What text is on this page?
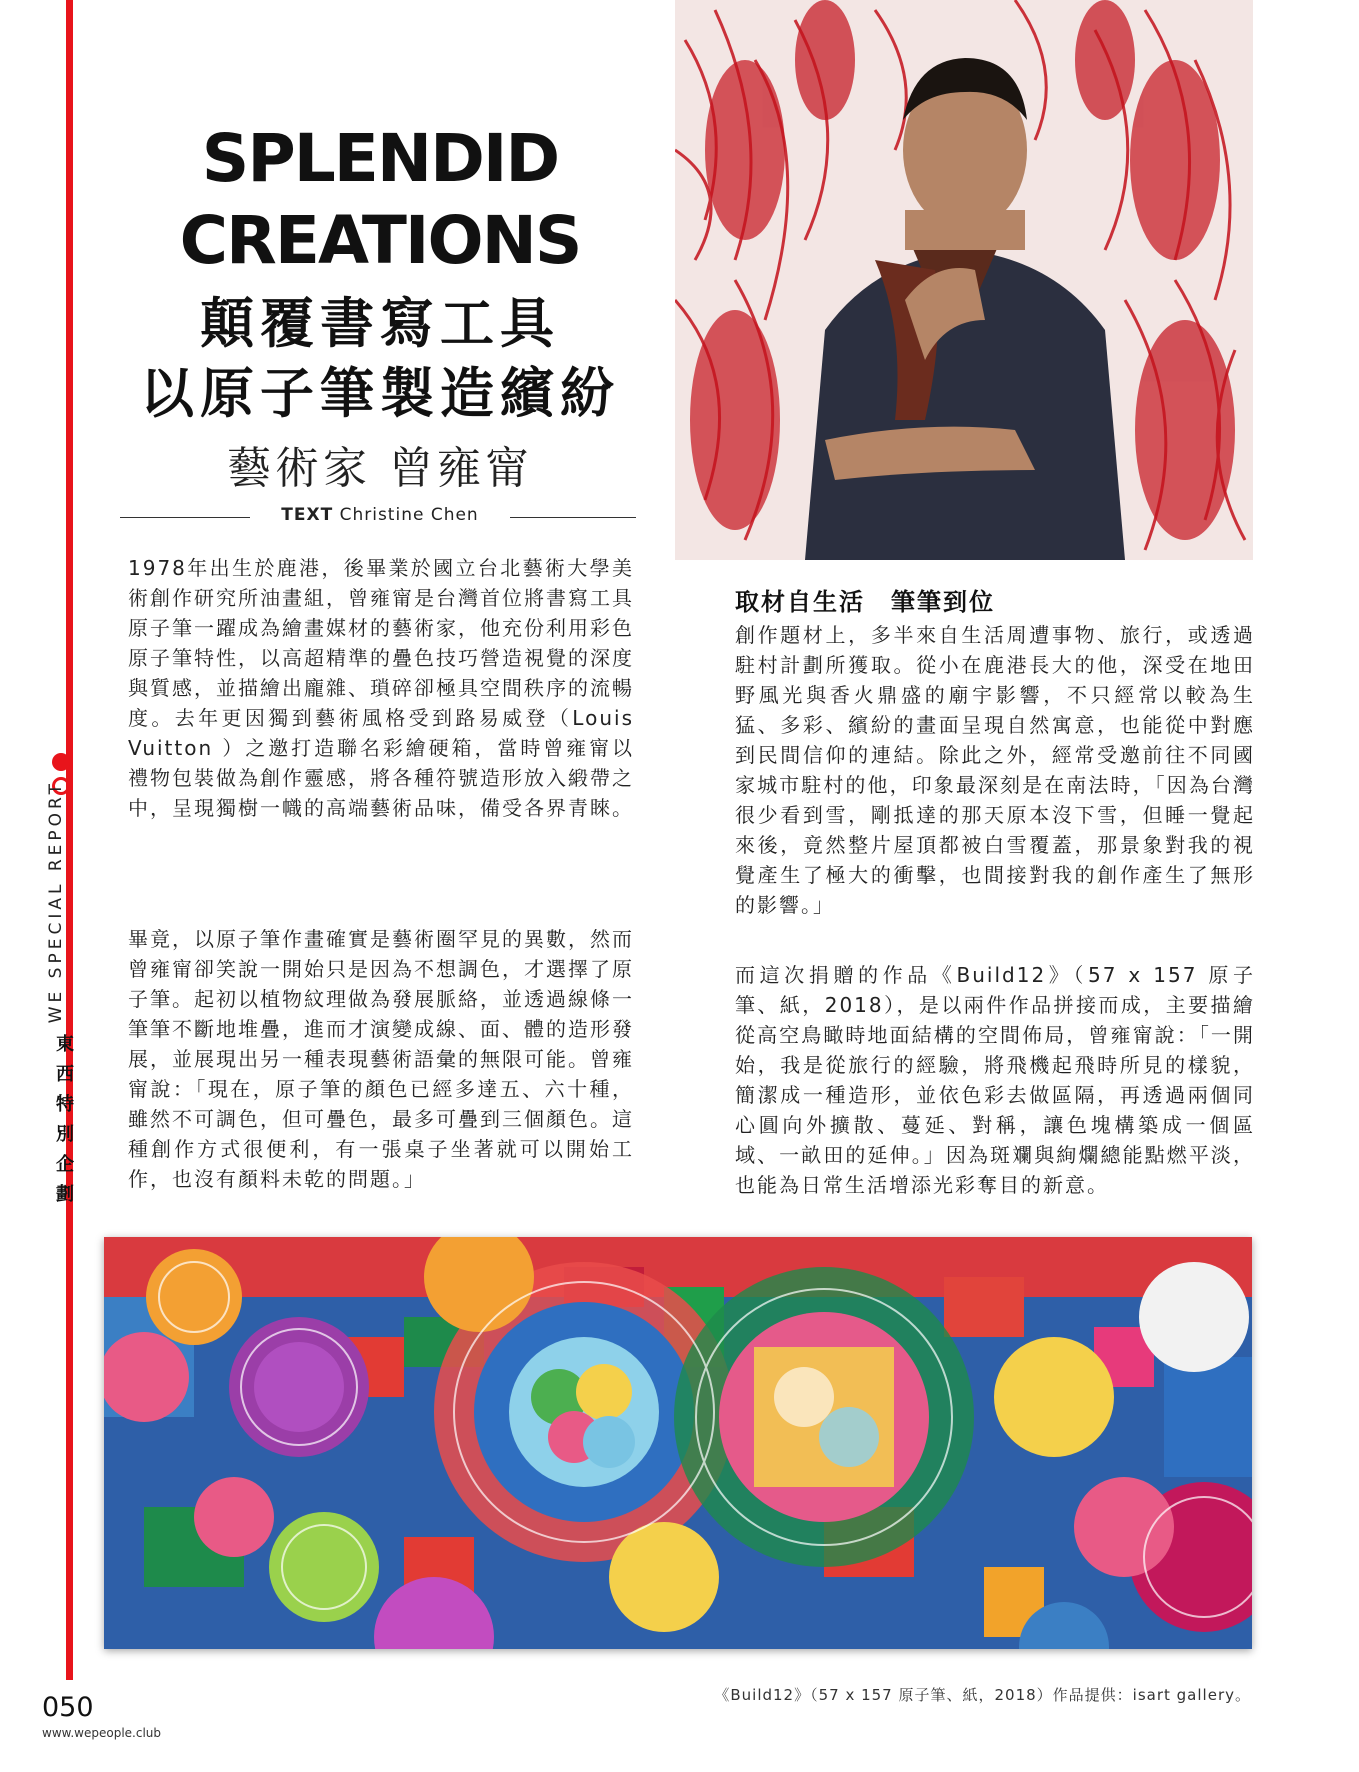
WE SPECIAL REPORT
東
西
特
別
企
劃
SPLENDID
CREATIONS
顛覆書寫工具
以原子筆製造繽紛
藝術家 曾雍甯
TEXT Christine Chen
1978年出生於鹿港，後畢業於國立台北藝術大學美術創作研究所油畫組，曾雍甯是台灣首位將書寫工具原子筆一躍成為繪畫媒材的藝術家，他充份利用彩色原子筆特性，以高超精準的疊色技巧營造視覺的深度與質感，並描繪出龐雜、瑣碎卻極具空間秩序的流暢度。去年更因獨到藝術風格受到路易威登（Louis Vuitton ）之邀打造聯名彩繪硬箱，當時曾雍甯以禮物包裝做為創作靈感，將各種符號造形放入緞帶之中，呈現獨樹一幟的高端藝術品味，備受各界青睞。
畢竟，以原子筆作畫確實是藝術圈罕見的異數，然而曾雍甯卻笑說一開始只是因為不想調色，才選擇了原子筆。起初以植物紋理做為發展脈絡，並透過線條一筆筆不斷地堆疊，進而才演變成線、面、體的造形發展，並展現出另一種表現藝術語彙的無限可能。曾雍甯說：「現在，原子筆的顏色已經多達五、六十種，雖然不可調色，但可疊色，最多可疊到三個顏色。這種創作方式很便利，有一張桌子坐著就可以開始工作，也沒有顏料未乾的問題。」
取材自生活　筆筆到位
創作題材上，多半來自生活周遭事物、旅行，或透過駐村計劃所獲取。從小在鹿港長大的他，深受在地田野風光與香火鼎盛的廟宇影響，不只經常以較為生猛、多彩、繽紛的畫面呈現自然寓意，也能從中對應到民間信仰的連結。除此之外，經常受邀前往不同國家城市駐村的他，印象最深刻是在南法時，「因為台灣很少看到雪，剛抵達的那天原本沒下雪，但睡一覺起來後，竟然整片屋頂都被白雪覆蓋，那景象對我的視覺產生了極大的衝擊，也間接對我的創作產生了無形的影響。」
而這次捐贈的作品《Build12》（57 x 157 原子筆、紙，2018），是以兩件作品拼接而成，主要描繪從高空鳥瞰時地面結構的空間佈局，曾雍甯說：「一開始，我是從旅行的經驗，將飛機起飛時所見的樣貌，簡潔成一種造形，並依色彩去做區隔，再透過兩個同心圓向外擴散、蔓延、對稱，讓色塊構築成一個區域、一畝田的延伸。」因為斑斕與絢爛總能點燃平淡，也能為日常生活增添光彩奪目的新意。
《Build12》（57 x 157 原子筆、紙，2018）作品提供：isart gallery。
050
www.wepeople.club
